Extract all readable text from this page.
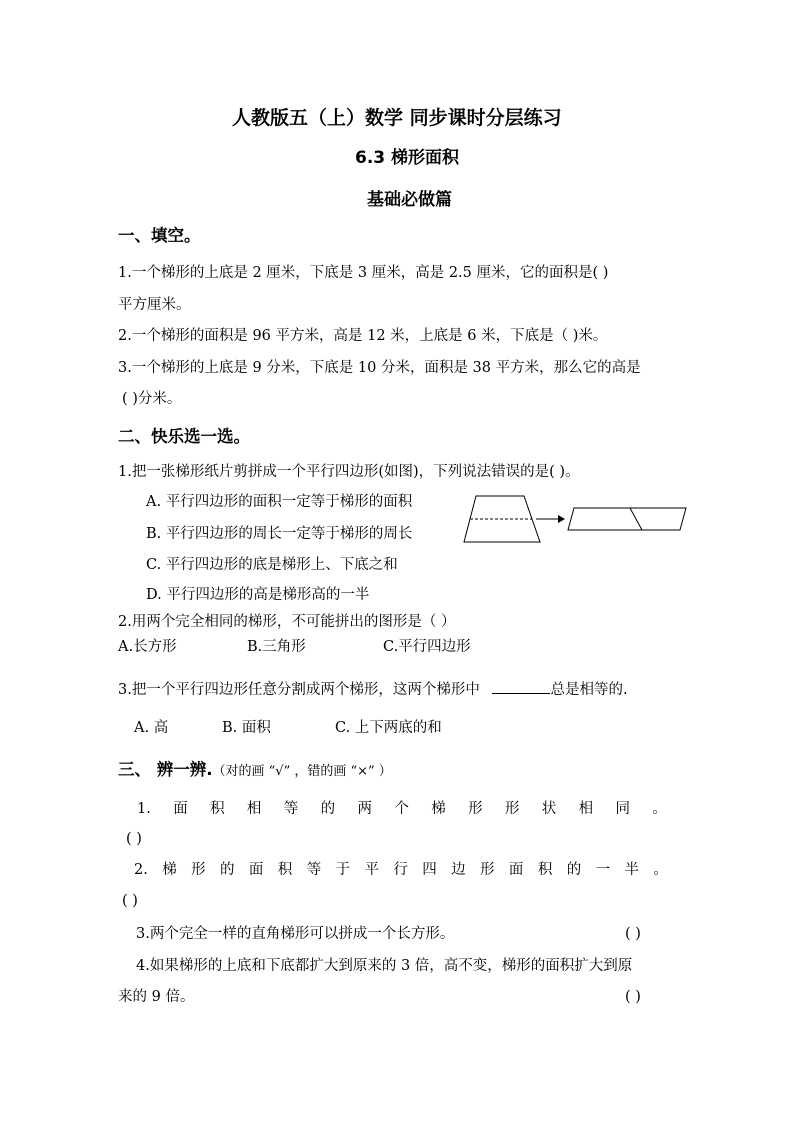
人教版五（上）数学 同步课时分层练习
6.3 梯形面积
基础必做篇
一、填空。
1.一个梯形的上底是 2 厘米，下底是 3 厘米，高是 2.5 厘米，它的面积是( )
平方厘米。
2.一个梯形的面积是 96 平方米，高是 12 米，上底是 6 米，下底是（ )米。
3.一个梯形的上底是 9 分米，下底是 10 分米，面积是 38 平方米，那么它的高是
( )分米。
二、快乐选一选。
1.把一张梯形纸片剪拼成一个平行四边形(如图)，下列说法错误的是( )。
A. 平行四边形的面积一定等于梯形的面积
B. 平行四边形的周长一定等于梯形的周长
C. 平行四边形的底是梯形上、下底之和
D. 平行四边形的高是梯形高的一半
2.用两个完全相同的梯形，不可能拼出的图形是（ ）
A.长方形	B.三角形	C.平行四边形
3.把一个平行四边形任意分割成两个梯形，这两个梯形中	总是相等的.
A. 高	B. 面积	C. 上下两底的和
三、 辨一辨.（对的画 “√” ，错的画 “×” ）
1. 面 积 相 等 的 两 个 梯 形 形 状 相 同 。
( )
2. 梯 形 的 面 积 等 于 平 行 四 边 形 面 积 的 一 半 。
( )
3.两个完全一样的直角梯形可以拼成一个长方形。	( )
4.如果梯形的上底和下底都扩大到原来的 3 倍，高不变，梯形的面积扩大到原
来的 9 倍。	( )
